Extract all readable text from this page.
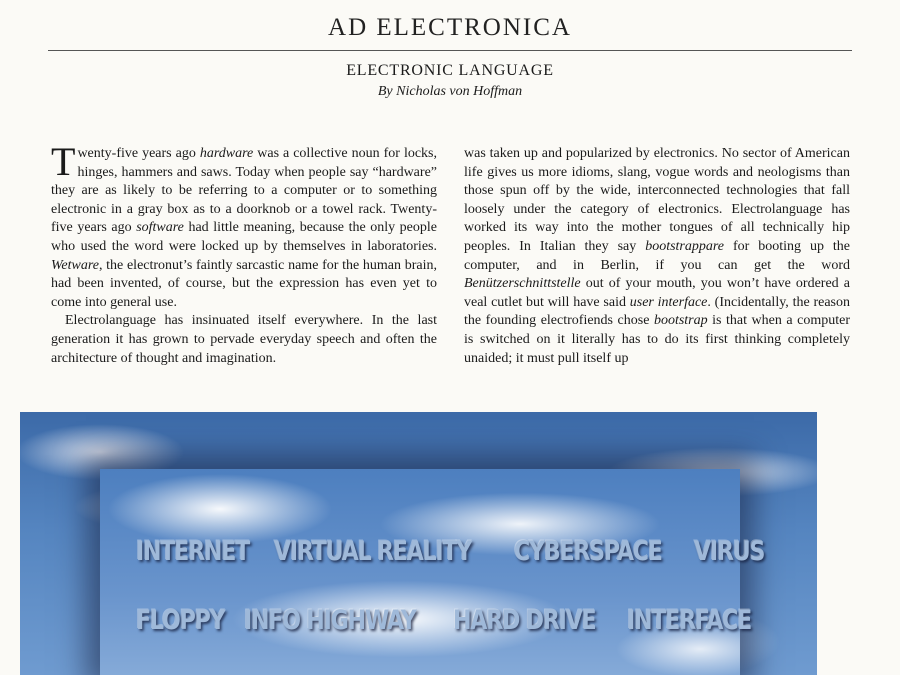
AD ELECTRONICA
ELECTRONIC LANGUAGE
By Nicholas von Hoffman

Twenty-five years ago hardware was a collective noun for locks, hinges, hammers and saws. Today when people say “hardware” they are as likely to be referring to a computer or to something electronic in a gray box as to a doorknob or a towel rack. Twenty-five years ago software had little meaning, because the only people who used the word were locked up by themselves in laboratories. Wetware, the electronut’s faintly sarcastic name for the human brain, had been invented, of course, but the expression has even yet to come into general use.

Electrolanguage has insinuated itself everywhere. In the last generation it has grown to pervade everyday speech and often the architecture of thought and imagination.

was taken up and popularized by electronics. No sector of American life gives us more idioms, slang, vogue words and neologisms than those spun off by the wide, interconnected technologies that fall loosely under the category of electronics. Electrolanguage has worked its way into the mother tongues of all technically hip peoples. In Italian they say bootstrappare for booting up the computer, and in Berlin, if you can get the word Benützerschnittstelle out of your mouth, you won’t have ordered a veal cutlet but will have said user interface. (Incidentally, the reason the founding electrofiends chose bootstrap is that when a computer is switched on it literally has to do its first thinking completely unaided; it must pull itself up

INTERNET VIRTUAL REALITY CYBERSPACE VIRUS
FLOPPY INFO HIGHWAY HARD DRIVE INTERFACE
